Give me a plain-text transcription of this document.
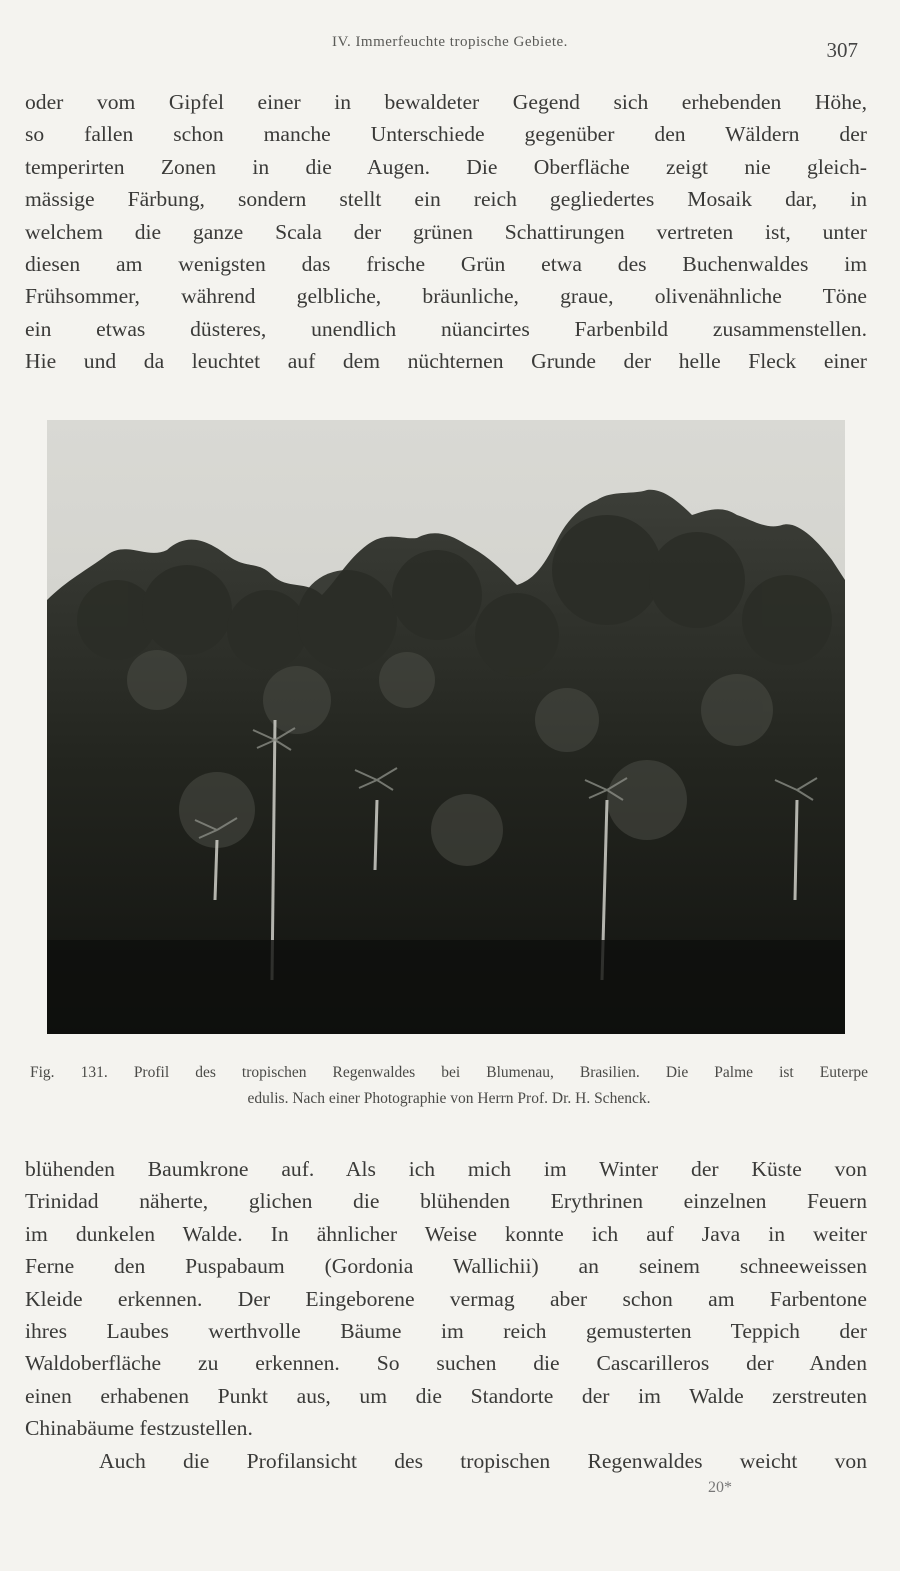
IV. Immerfeuchte tropische Gebiete.	307
oder vom Gipfel einer in bewaldeter Gegend sich erhebenden Höhe,
so fallen schon manche Unterschiede gegenüber den Wäldern der
temperirten Zonen in die Augen. Die Oberfläche zeigt nie gleich-
mässige Färbung, sondern stellt ein reich gegliedertes Mosaik dar, in
welchem die ganze Scala der grünen Schattirungen vertreten ist, unter
diesen am wenigsten das frische Grün etwa des Buchenwaldes im
Frühsommer, während gelbliche, bräunliche, graue, olivenähnliche Töne
ein etwas düsteres, unendlich nüancirtes Farbenbild zusammenstellen.
Hie und da leuchtet auf dem nüchternen Grunde der helle Fleck einer
Fig. 131. Profil des tropischen Regenwaldes bei Blumenau, Brasilien. Die Palme ist Euterpe
edulis. Nach einer Photographie von Herrn Prof. Dr. H. Schenck.
blühenden Baumkrone auf. Als ich mich im Winter der Küste von
Trinidad näherte, glichen die blühenden Erythrinen einzelnen Feuern
im dunkelen Walde. In ähnlicher Weise konnte ich auf Java in weiter
Ferne den Puspabaum (Gordonia Wallichii) an seinem schneeweissen
Kleide erkennen. Der Eingeborene vermag aber schon am Farbentone
ihres Laubes werthvolle Bäume im reich gemusterten Teppich der
Waldoberfläche zu erkennen. So suchen die Cascarilleros der Anden
einen erhabenen Punkt aus, um die Standorte der im Walde zerstreuten
Chinabäume festzustellen.
Auch die Profilansicht des tropischen Regenwaldes weicht von
20*
